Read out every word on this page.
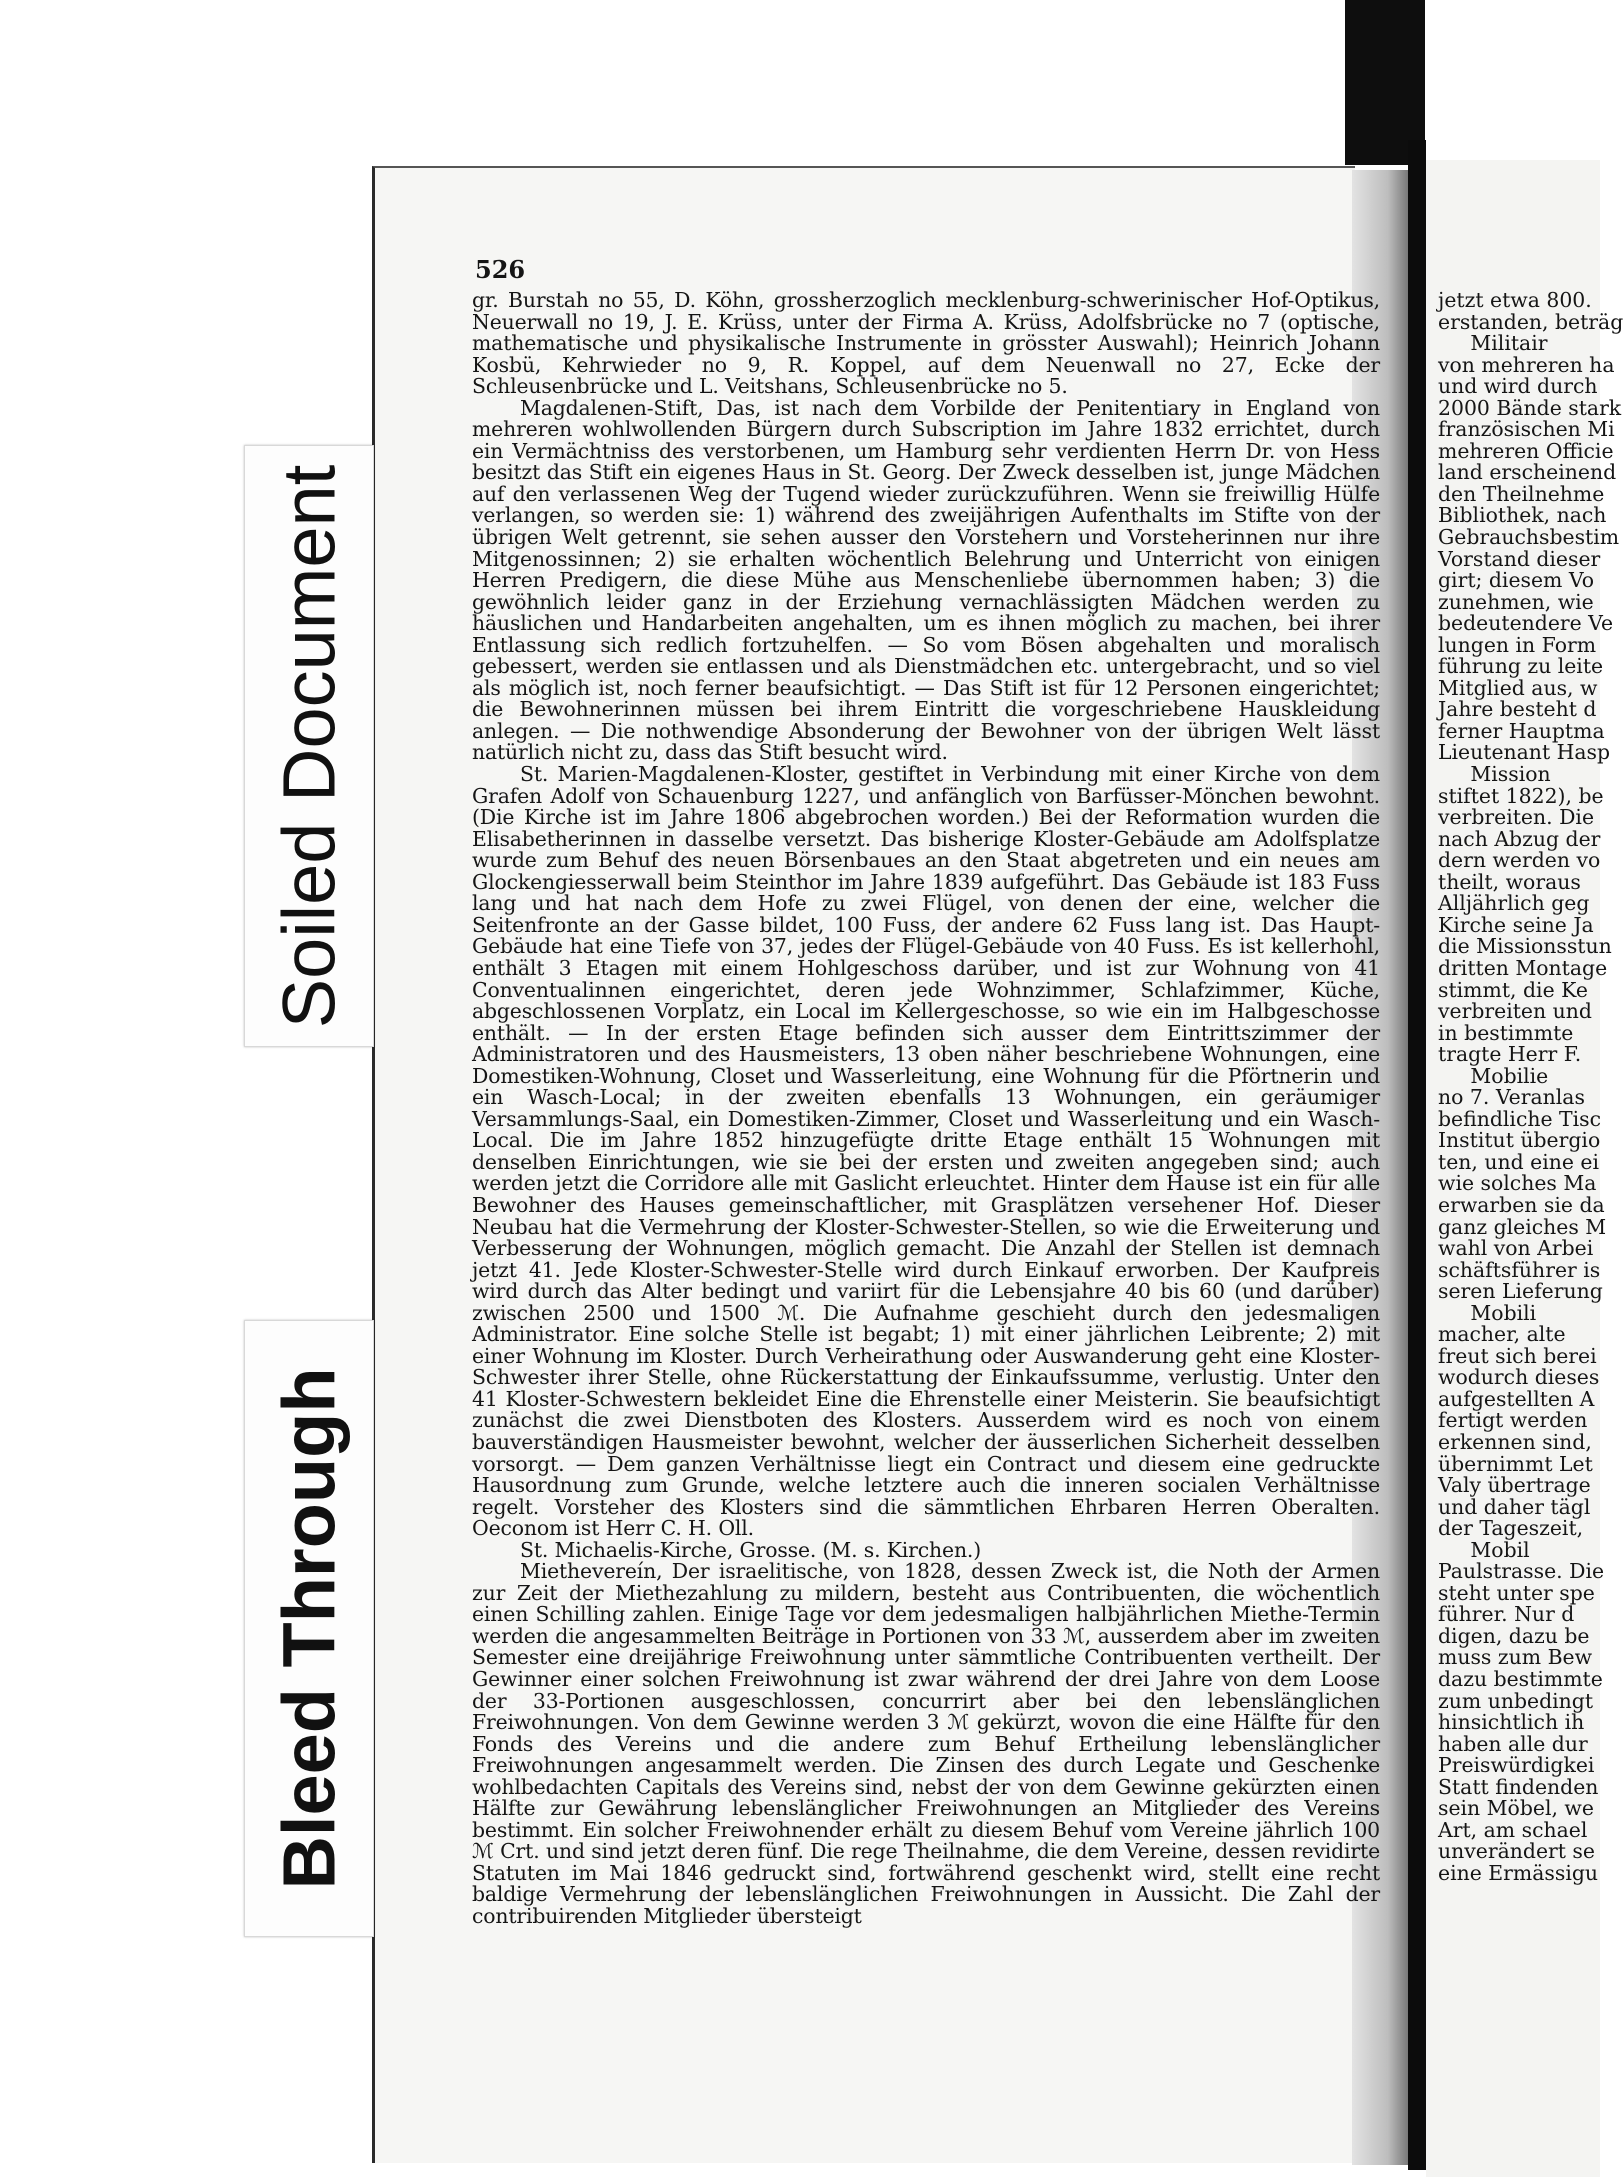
526

gr. Burstah no 55, D. Köhn, grossherzoglich mecklenburg-schwerinischer Hof-Optikus, Neuerwall no 19, J. E. Krüss, unter der Firma A. Krüss, Adolfsbrücke no 7 (optische, mathematische und physikalische Instrumente in grösster Auswahl); Heinrich Johann Kosbü, Kehrwieder no 9, R. Koppel, auf dem Neuenwall no 27, Ecke der Schleusenbrücke und L. Veitshans, Schleusenbrücke no 5.

Magdalenen-Stift, Das, ist nach dem Vorbilde der Penitentiary in England von mehreren wohlwollenden Bürgern durch Subscription im Jahre 1832 errichtet, durch ein Vermächtniss des verstorbenen, um Hamburg sehr verdienten Herrn Dr. von Hess besitzt das Stift ein eigenes Haus in St. Georg. Der Zweck desselben ist, junge Mädchen auf den verlassenen Weg der Tugend wieder zurückzuführen. Wenn sie freiwillig Hülfe verlangen, so werden sie: 1) während des zweijährigen Aufenthalts im Stifte von der übrigen Welt getrennt, sie sehen ausser den Vorstehern und Vorsteherinnen nur ihre Mitgenossinnen; 2) sie erhalten wöchentlich Belehrung und Unterricht von einigen Herren Predigern, die diese Mühe aus Menschenliebe übernommen haben; 3) die gewöhnlich leider ganz in der Erziehung vernachlässigten Mädchen werden zu häuslichen und Handarbeiten angehalten, um es ihnen möglich zu machen, bei ihrer Entlassung sich redlich fortzuhelfen. — So vom Bösen abgehalten und moralisch gebessert, werden sie entlassen und als Dienstmädchen etc. untergebracht, und so viel als möglich ist, noch ferner beaufsichtigt. — Das Stift ist für 12 Personen eingerichtet; die Bewohnerinnen müssen bei ihrem Eintritt die vorgeschriebene Hauskleidung anlegen. — Die nothwendige Absonderung der Bewohner von der übrigen Welt lässt natürlich nicht zu, dass das Stift besucht wird.

St. Marien-Magdalenen-Kloster, gestiftet in Verbindung mit einer Kirche von dem Grafen Adolf von Schauenburg 1227, und anfänglich von Barfüsser-Mönchen bewohnt. (Die Kirche ist im Jahre 1806 abgebrochen worden.) Bei der Reformation wurden die Elisabetherinnen in dasselbe versetzt. Das bisherige Kloster-Gebäude am Adolfsplatze wurde zum Behuf des neuen Börsenbaues an den Staat abgetreten und ein neues am Glockengiesserwall beim Steinthor im Jahre 1839 aufgeführt. Das Gebäude ist 183 Fuss lang und hat nach dem Hofe zu zwei Flügel, von denen der eine, welcher die Seitenfronte an der Gasse bildet, 100 Fuss, der andere 62 Fuss lang ist. Das Haupt-Gebäude hat eine Tiefe von 37, jedes der Flügel-Gebäude von 40 Fuss. Es ist kellerhohl, enthält 3 Etagen mit einem Hohlgeschoss darüber, und ist zur Wohnung von 41 Conventualinnen eingerichtet, deren jede Wohnzimmer, Schlafzimmer, Küche, abgeschlossenen Vorplatz, ein Local im Kellergeschosse, so wie ein im Halbgeschosse enthält. — In der ersten Etage befinden sich ausser dem Eintrittszimmer der Administratoren und des Hausmeisters, 13 oben näher beschriebene Wohnungen, eine Domestiken-Wohnung, Closet und Wasserleitung, eine Wohnung für die Pförtnerin und ein Wasch-Local; in der zweiten ebenfalls 13 Wohnungen, ein geräumiger Versammlungs-Saal, ein Domestiken-Zimmer, Closet und Wasserleitung und ein Wasch-Local. Die im Jahre 1852 hinzugefügte dritte Etage enthält 15 Wohnungen mit denselben Einrichtungen, wie sie bei der ersten und zweiten angegeben sind; auch werden jetzt die Corridore alle mit Gaslicht erleuchtet. Hinter dem Hause ist ein für alle Bewohner des Hauses gemeinschaftlicher, mit Grasplätzen versehener Hof. Dieser Neubau hat die Vermehrung der Kloster-Schwester-Stellen, so wie die Erweiterung und Verbesserung der Wohnungen, möglich gemacht. Die Anzahl der Stellen ist demnach jetzt 41. Jede Kloster-Schwester-Stelle wird durch Einkauf erworben. Der Kaufpreis wird durch das Alter bedingt und variirt für die Lebensjahre 40 bis 60 (und darüber) zwischen 2500 und 1500 ℳ. Die Aufnahme geschieht durch den jedesmaligen Administrator. Eine solche Stelle ist begabt; 1) mit einer jährlichen Leibrente; 2) mit einer Wohnung im Kloster. Durch Verheirathung oder Auswanderung geht eine Kloster-Schwester ihrer Stelle, ohne Rückerstattung der Einkaufssumme, verlustig. Unter den 41 Kloster-Schwestern bekleidet Eine die Ehrenstelle einer Meisterin. Sie beaufsichtigt zunächst die zwei Dienstboten des Klosters. Ausserdem wird es noch von einem bauverständigen Hausmeister bewohnt, welcher der äusserlichen Sicherheit desselben vorsorgt. — Dem ganzen Verhältnisse liegt ein Contract und diesem eine gedruckte Hausordnung zum Grunde, welche letztere auch die inneren socialen Verhältnisse regelt. Vorsteher des Klosters sind die sämmtlichen Ehrbaren Herren Oberalten. Oeconom ist Herr C. H. Oll.

St. Michaelis-Kirche, Grosse. (M. s. Kirchen.)

Miethevereín, Der israelitische, von 1828, dessen Zweck ist, die Noth der Armen zur Zeit der Miethezahlung zu mildern, besteht aus Contribuenten, die wöchentlich einen Schilling zahlen. Einige Tage vor dem jedesmaligen halbjährlichen Miethe-Termin werden die angesammelten Beiträge in Portionen von 33 ℳ, ausserdem aber im zweiten Semester eine dreijährige Freiwohnung unter sämmtliche Contribuenten vertheilt. Der Gewinner einer solchen Freiwohnung ist zwar während der drei Jahre von dem Loose der 33-Portionen ausgeschlossen, concurrirt aber bei den lebenslänglichen Freiwohnungen. Von dem Gewinne werden 3 ℳ gekürzt, wovon die eine Hälfte für den Fonds des Vereins und die andere zum Behuf Ertheilung lebenslänglicher Freiwohnungen angesammelt werden. Die Zinsen des durch Legate und Geschenke wohlbedachten Capitals des Vereins sind, nebst der von dem Gewinne gekürzten einen Hälfte zur Gewährung lebenslänglicher Freiwohnungen an Mitglieder des Vereins bestimmt. Ein solcher Freiwohnender erhält zu diesem Behuf vom Vereine jährlich 100 ℳ Crt. und sind jetzt deren fünf. Die rege Theilnahme, die dem Vereine, dessen revidirte Statuten im Mai 1846 gedruckt sind, fortwährend geschenkt wird, stellt eine recht baldige Vermehrung der lebenslänglichen Freiwohnungen in Aussicht. Die Zahl der contribuirenden Mitglieder übersteigt

jetzt etwa 800.
erstanden, beträg
Militair
von mehreren ha
und wird durch
2000 Bände stark
französischen Mi
mehreren Officie
land erscheinend
den Theilnehme
Bibliothek, nach
Gebrauchsbestim
Vorstand dieser
girt; diesem Vo
zunehmen, wie
bedeutendere Ve
lungen in Form
führung zu leite
Mitglied aus, w
Jahre besteht d
ferner Hauptma
Lieutenant Hasp
Mission
stiftet 1822), be
verbreiten. Die
nach Abzug der
dern werden vo
theilt, woraus
Alljährlich geg
Kirche seine Ja
die Missionsstun
dritten Montage
stimmt, die Ke
verbreiten und
in bestimmte
tragte Herr F.
Mobilie
no 7. Veranlas
befindliche Tisc
Institut übergio
ten, und eine ei
wie solches Ma
erwarben sie da
ganz gleiches M
wahl von Arbei
schäftsführer is
seren Lieferung
Mobili
macher, alte
freut sich berei
wodurch dieses
aufgestellten A
fertigt werden
erkennen sind,
übernimmt Let
Valy übertrage
und daher tägl
der Tageszeit,
Mobil
Paulstrasse. Die
steht unter spe
führer. Nur d
digen, dazu be
muss zum Bew
dazu bestimmte
zum unbedingt
hinsichtlich ih
haben alle dur
Preiswürdigkei
Statt findenden
sein Möbel, we
Art, am schael
unverändert se
eine Ermässigu
Soiled Document
Bleed Through
